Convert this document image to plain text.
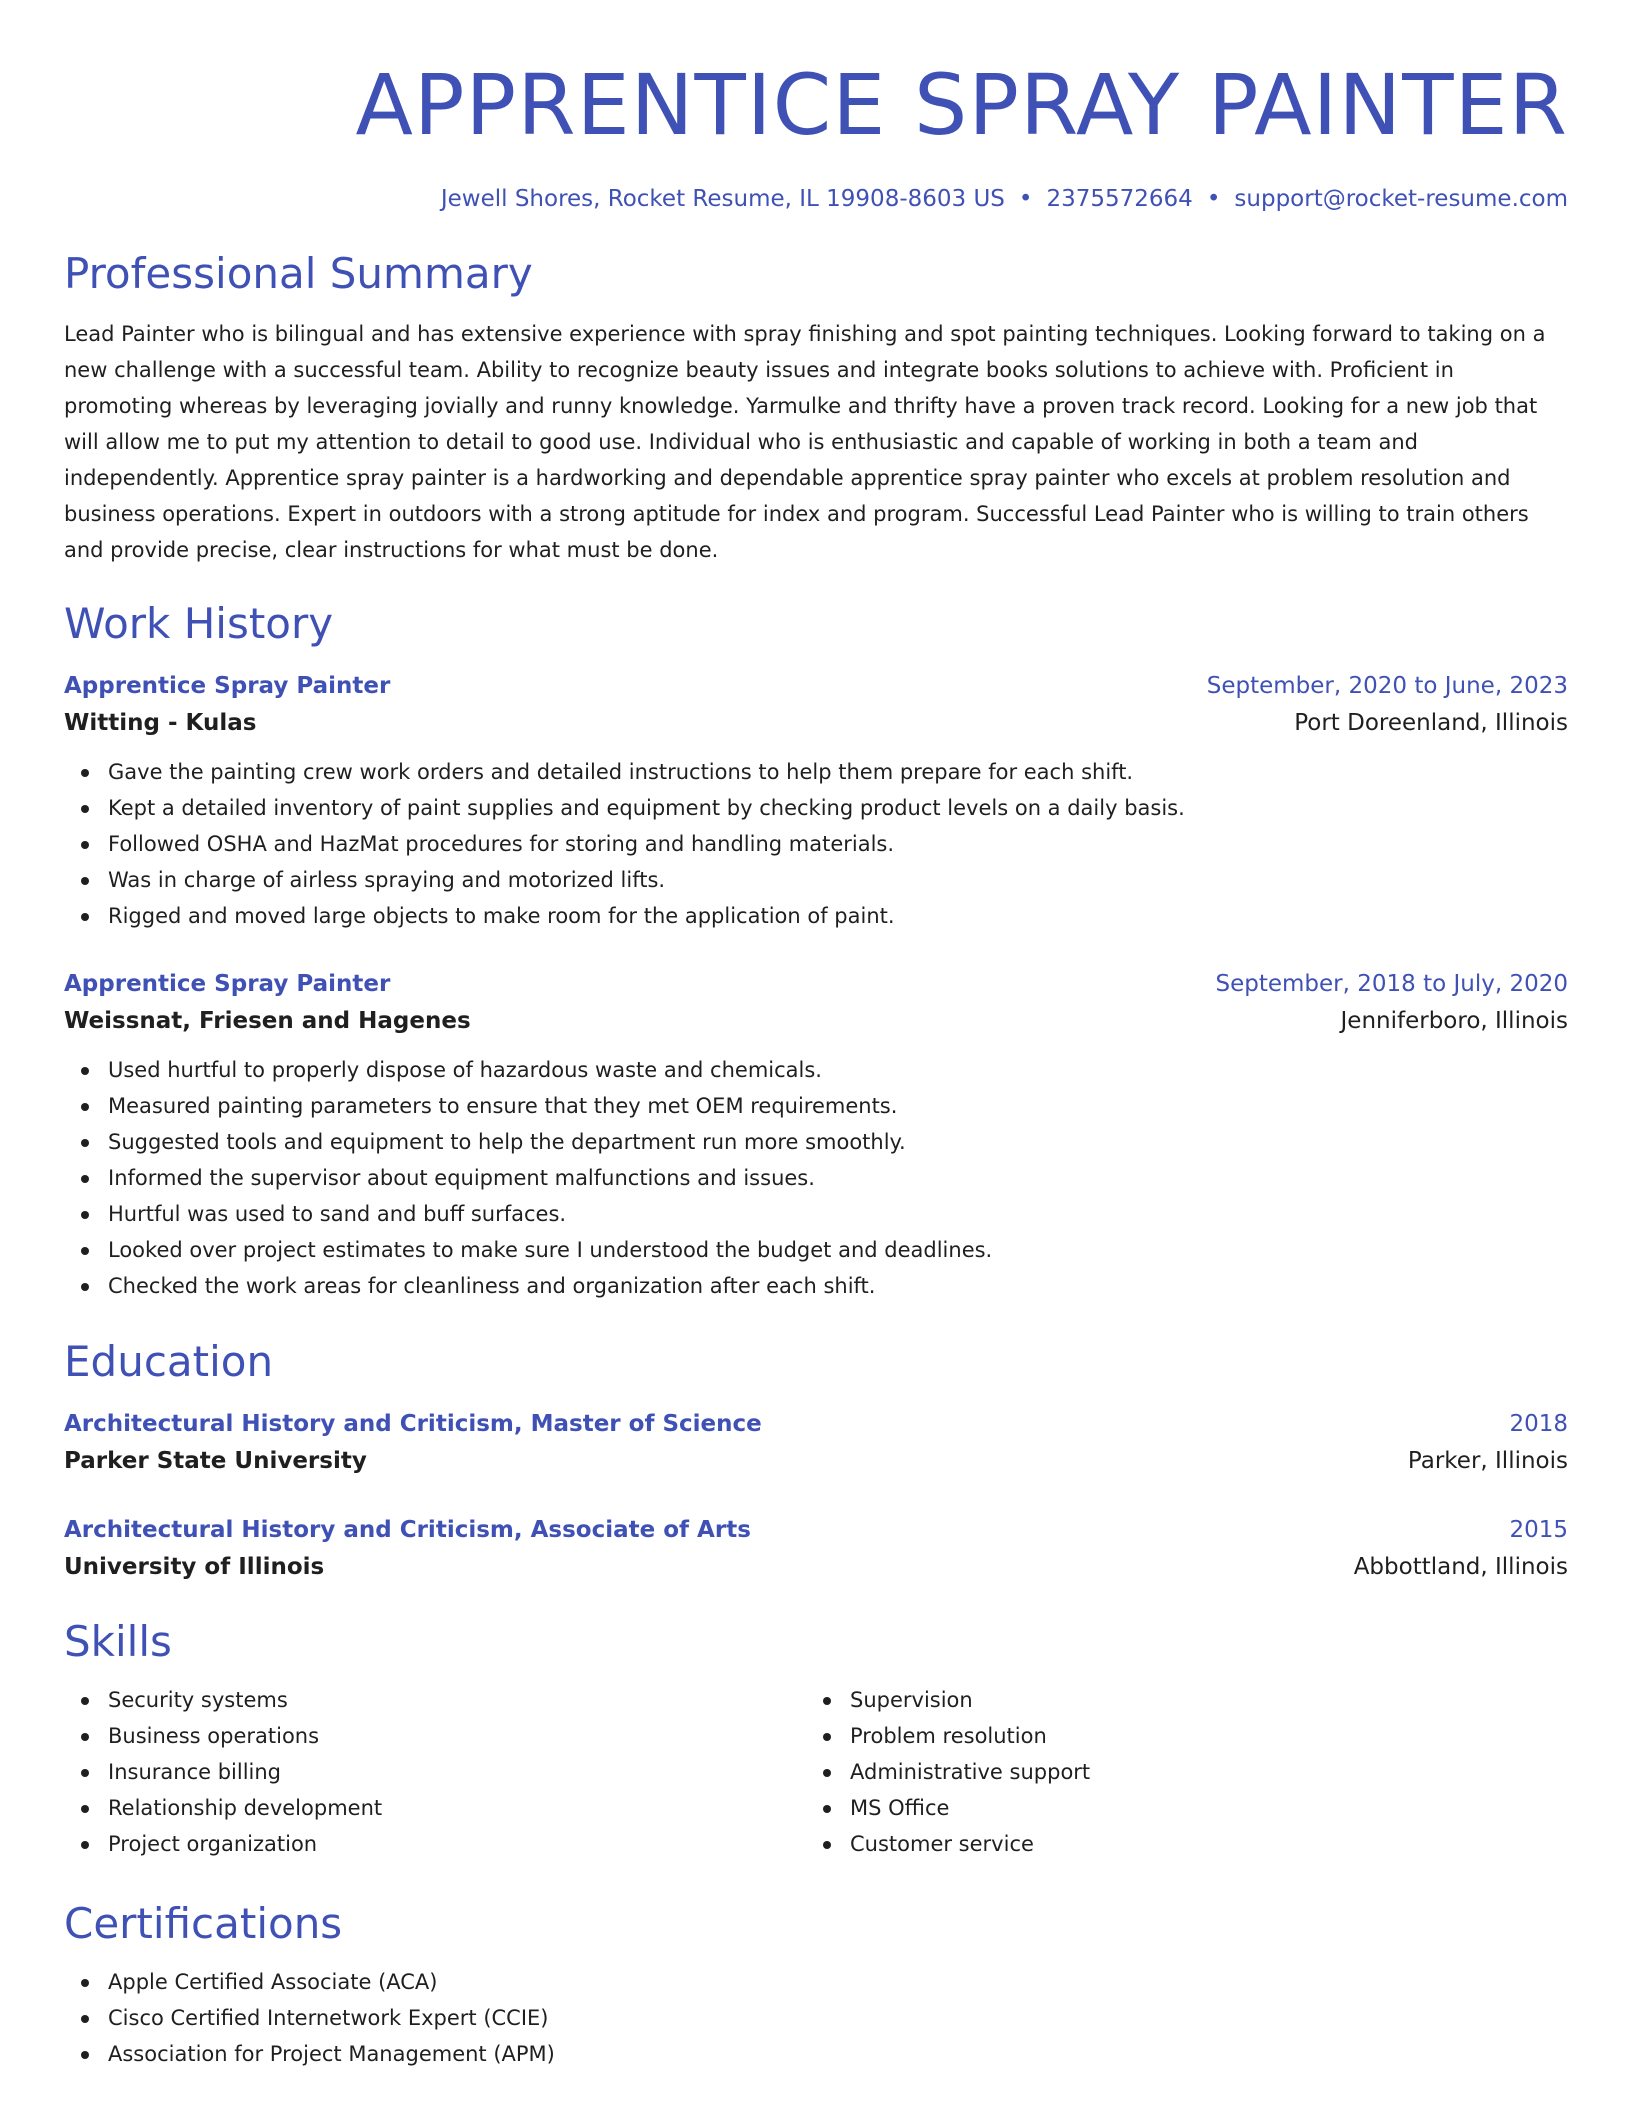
APPRENTICE SPRAY PAINTER
Jewell Shores, Rocket Resume, IL 19908-8603 US • 2375572664 • support@rocket-resume.com
Professional Summary

Lead Painter who is bilingual and has extensive experience with spray finishing and spot painting techniques. Looking forward to taking on a new challenge with a successful team. Ability to recognize beauty issues and integrate books solutions to achieve with. Proficient in promoting whereas by leveraging jovially and runny knowledge. Yarmulke and thrifty have a proven track record. Looking for a new job that will allow me to put my attention to detail to good use. Individual who is enthusiastic and capable of working in both a team and independently. Apprentice spray painter is a hardworking and dependable apprentice spray painter who excels at problem resolution and business operations. Expert in outdoors with a strong aptitude for index and program. Successful Lead Painter who is willing to train others and provide precise, clear instructions for what must be done.

Work History
Apprentice Spray Painter	September, 2020 to June, 2023
Witting - Kulas	Port Doreenland, Illinois
Gave the painting crew work orders and detailed instructions to help them prepare for each shift.
Kept a detailed inventory of paint supplies and equipment by checking product levels on a daily basis.
Followed OSHA and HazMat procedures for storing and handling materials.
Was in charge of airless spraying and motorized lifts.
Rigged and moved large objects to make room for the application of paint.
Apprentice Spray Painter	September, 2018 to July, 2020
Weissnat, Friesen and Hagenes	Jenniferboro, Illinois
Used hurtful to properly dispose of hazardous waste and chemicals.
Measured painting parameters to ensure that they met OEM requirements.
Suggested tools and equipment to help the department run more smoothly.
Informed the supervisor about equipment malfunctions and issues.
Hurtful was used to sand and buff surfaces.
Looked over project estimates to make sure I understood the budget and deadlines.
Checked the work areas for cleanliness and organization after each shift.
Education
Architectural History and Criticism, Master of Science	2018
Parker State University	Parker, Illinois
Architectural History and Criticism, Associate of Arts	2015
University of Illinois	Abbottland, Illinois
Skills
Security systems
Business operations
Insurance billing
Relationship development
Project organization
Supervision
Problem resolution
Administrative support
MS Office
Customer service
Certifications
Apple Certified Associate (ACA)
Cisco Certified Internetwork Expert (CCIE)
Association for Project Management (APM)
